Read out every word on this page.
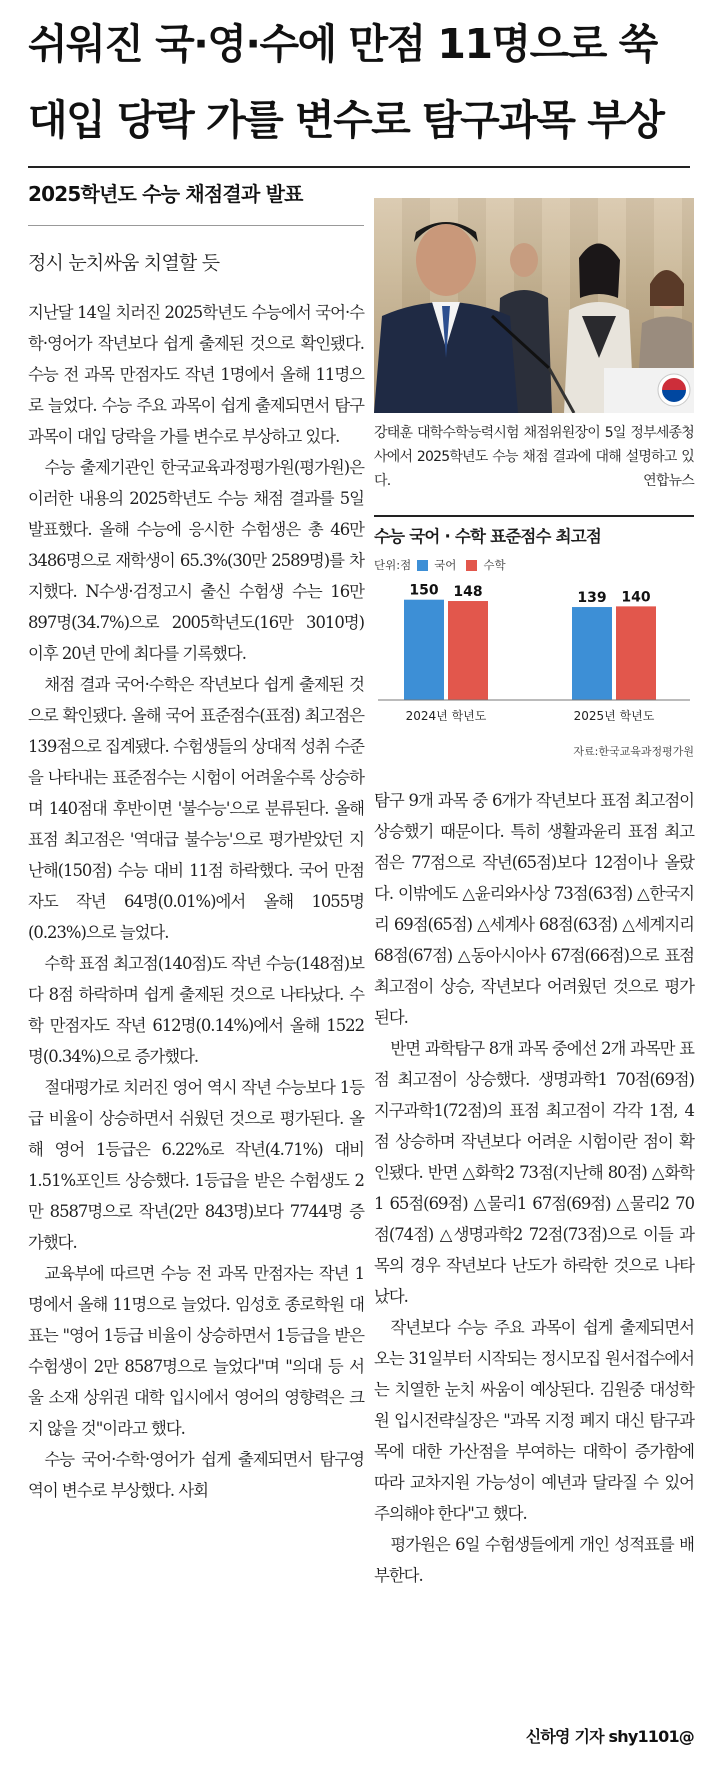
쉬워진 국·영·수에 만점 11명으로 쑥
대입 당락 가를 변수로 탐구과목 부상
2025학년도 수능 채점결과 발표
정시 눈치싸움 치열할 듯

지난달 14일 치러진 2025학년도 수능에서 국어·수학·영어가 작년보다 쉽게 출제된 것으로 확인됐다. 수능 전 과목 만점자도 작년 1명에서 올해 11명으로 늘었다. 수능 주요 과목이 쉽게 출제되면서 탐구과목이 대입 당락을 가를 변수로 부상하고 있다.

수능 출제기관인 한국교육과정평가원(평가원)은 이러한 내용의 2025학년도 수능 채점 결과를 5일 발표했다. 올해 수능에 응시한 수험생은 총 46만 3486명으로 재학생이 65.3%(30만 2589명)를 차지했다. N수생·검정고시 출신 수험생 수는 16만 897명(34.7%)으로 2005학년도(16만 3010명) 이후 20년 만에 최다를 기록했다.

채점 결과 국어·수학은 작년보다 쉽게 출제된 것으로 확인됐다. 올해 국어 표준점수(표점) 최고점은 139점으로 집계됐다. 수험생들의 상대적 성취 수준을 나타내는 표준점수는 시험이 어려울수록 상승하며 140점대 후반이면 '불수능'으로 분류된다. 올해 표점 최고점은 '역대급 불수능'으로 평가받았던 지난해(150점) 수능 대비 11점 하락했다. 국어 만점자도 작년 64명(0.01%)에서 올해 1055명(0.23%)으로 늘었다.

수학 표점 최고점(140점)도 작년 수능(148점)보다 8점 하락하며 쉽게 출제된 것으로 나타났다. 수학 만점자도 작년 612명(0.14%)에서 올해 1522명(0.34%)으로 증가했다.

절대평가로 치러진 영어 역시 작년 수능보다 1등급 비율이 상승하면서 쉬웠던 것으로 평가된다. 올해 영어 1등급은 6.22%로 작년(4.71%) 대비 1.51%포인트 상승했다. 1등급을 받은 수험생도 2만 8587명으로 작년(2만 843명)보다 7744명 증가했다.

교육부에 따르면 수능 전 과목 만점자는 작년 1명에서 올해 11명으로 늘었다. 임성호 종로학원 대표는 "영어 1등급 비율이 상승하면서 1등급을 받은 수험생이 2만 8587명으로 늘었다"며 "의대 등 서울 소재 상위권 대학 입시에서 영어의 영향력은 크지 않을 것"이라고 했다.

수능 국어·수학·영어가 쉽게 출제되면서 탐구영역이 변수로 부상했다. 사회

강태훈 대학수학능력시험 채점위원장이 5일 정부세종청사에서 2025학년도 수능 채점 결과에 대해 설명하고 있다.	연합뉴스

수능 국어 · 수학 표준점수 최고점
단위:점 국어 수학
150 148
2024년 학년도
139 140
2025년 학년도
자료:한국교육과정평가원

탐구 9개 과목 중 6개가 작년보다 표점 최고점이 상승했기 때문이다. 특히 생활과윤리 표점 최고점은 77점으로 작년(65점)보다 12점이나 올랐다. 이밖에도 △윤리와사상 73점(63점) △한국지리 69점(65점) △세계사 68점(63점) △세계지리 68점(67점) △동아시아사 67점(66점)으로 표점 최고점이 상승, 작년보다 어려웠던 것으로 평가된다.

반면 과학탐구 8개 과목 중에선 2개 과목만 표점 최고점이 상승했다. 생명과학1 70점(69점) 지구과학1(72점)의 표점 최고점이 각각 1점, 4점 상승하며 작년보다 어려운 시험이란 점이 확인됐다. 반면 △화학2 73점(지난해 80점) △화학1 65점(69점) △물리1 67점(69점) △물리2 70점(74점) △생명과학2 72점(73점)으로 이들 과목의 경우 작년보다 난도가 하락한 것으로 나타났다.

작년보다 수능 주요 과목이 쉽게 출제되면서 오는 31일부터 시작되는 정시모집 원서접수에서는 치열한 눈치 싸움이 예상된다. 김원중 대성학원 입시전략실장은 "과목 지정 폐지 대신 탐구과목에 대한 가산점을 부여하는 대학이 증가함에 따라 교차지원 가능성이 예년과 달라질 수 있어 주의해야 한다"고 했다.

평가원은 6일 수험생들에게 개인 성적표를 배부한다.

신하영 기자 shy1101@
